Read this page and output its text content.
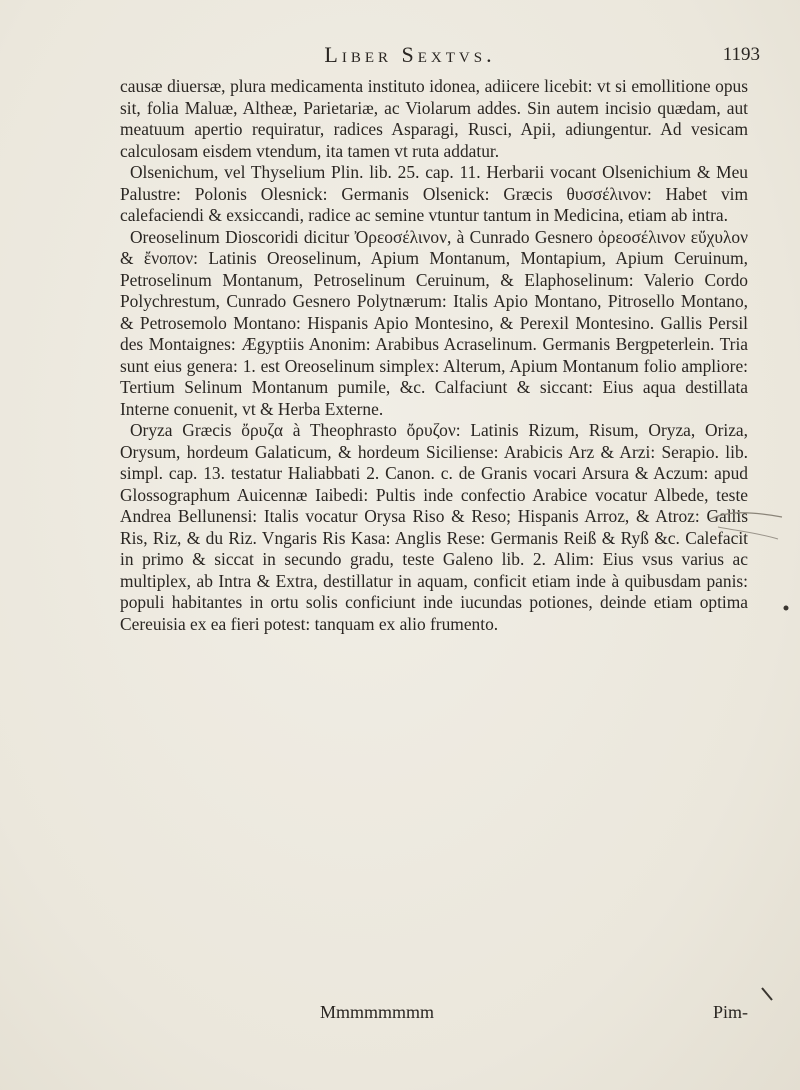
Liber Sextvs.	1193

causæ diuersæ, plura medicamenta instituto idonea, adiicere licebit: vt si emollitione opus sit, folia Maluæ, Altheæ, Parietariæ, ac Violarum addes. Sin autem incisio quædam, aut meatuum apertio requiratur, radices Asparagi, Rusci, Apii, adiungentur. Ad vesicam calculosam eisdem vtendum, ita tamen vt ruta addatur.

Olsenichum, vel Thyselium Plin. lib. 25. cap. 11. Herbarii vocant Olsenichium & Meu Palustre: Polonis Olesnick: Germanis Olsenick: Græcis θυσσέλινον: Habet vim calefaciendi & exsiccandi, radice ac semine vtuntur tantum in Medicina, etiam ab intra.

Oreoselinum Dioscoridi dicitur Ὀρεοσέλινον, à Cunrado Gesnero ὀρεοσέλινον εὔχυλον & ἔνοπον: Latinis Oreoselinum, Apium Montanum, Montapium, Apium Ceruinum, Petroselinum Montanum, Petroselinum Ceruinum, & Elaphoselinum: Valerio Cordo Polychrestum, Cunrado Gesnero Polytnærum: Italis Apio Montano, Pitrosello Montano, & Petrosemolo Montano: Hispanis Apio Montesino, & Perexil Montesino. Gallis Persil des Montaignes: Ægyptiis Anonim: Arabibus Acraselinum. Germanis Bergpeterlein. Tria sunt eius genera: 1. est Oreoselinum simplex: Alterum, Apium Montanum folio ampliore: Tertium Selinum Montanum pumile, &c. Calfaciunt & siccant: Eius aqua destillata Interne conuenit, vt & Herba Externe.

Oryza Græcis ὄρυζα à Theophrasto ὄρυζον: Latinis Rizum, Risum, Oryza, Oriza, Orysum, hordeum Galaticum, & hordeum Siciliense: Arabicis Arz & Arzi: Serapio. lib. simpl. cap. 13. testatur Haliabbati 2. Canon. c. de Granis vocari Arsura & Aczum: apud Glossographum Auicennæ Iaibedi: Pultis inde confectio Arabice vocatur Albede, teste Andrea Bellunensi: Italis vocatur Orysa Riso & Reso; Hispanis Arroz, & Atroz: Gallis Ris, Riz, & du Riz. Vngaris Ris Kasa: Anglis Rese: Germanis Reiß & Ryß &c. Calefacit in primo & siccat in secundo gradu, teste Galeno lib. 2. Alim: Eius vsus varius ac multiplex, ab Intra & Extra, destillatur in aquam, conficit etiam inde à quibusdam panis: populi habitantes in ortu solis conficiunt inde iucundas potiones, deinde etiam optima Cereuisia ex ea fieri potest: tanquam ex alio frumento.

Mmmmmmmm	Pim-
